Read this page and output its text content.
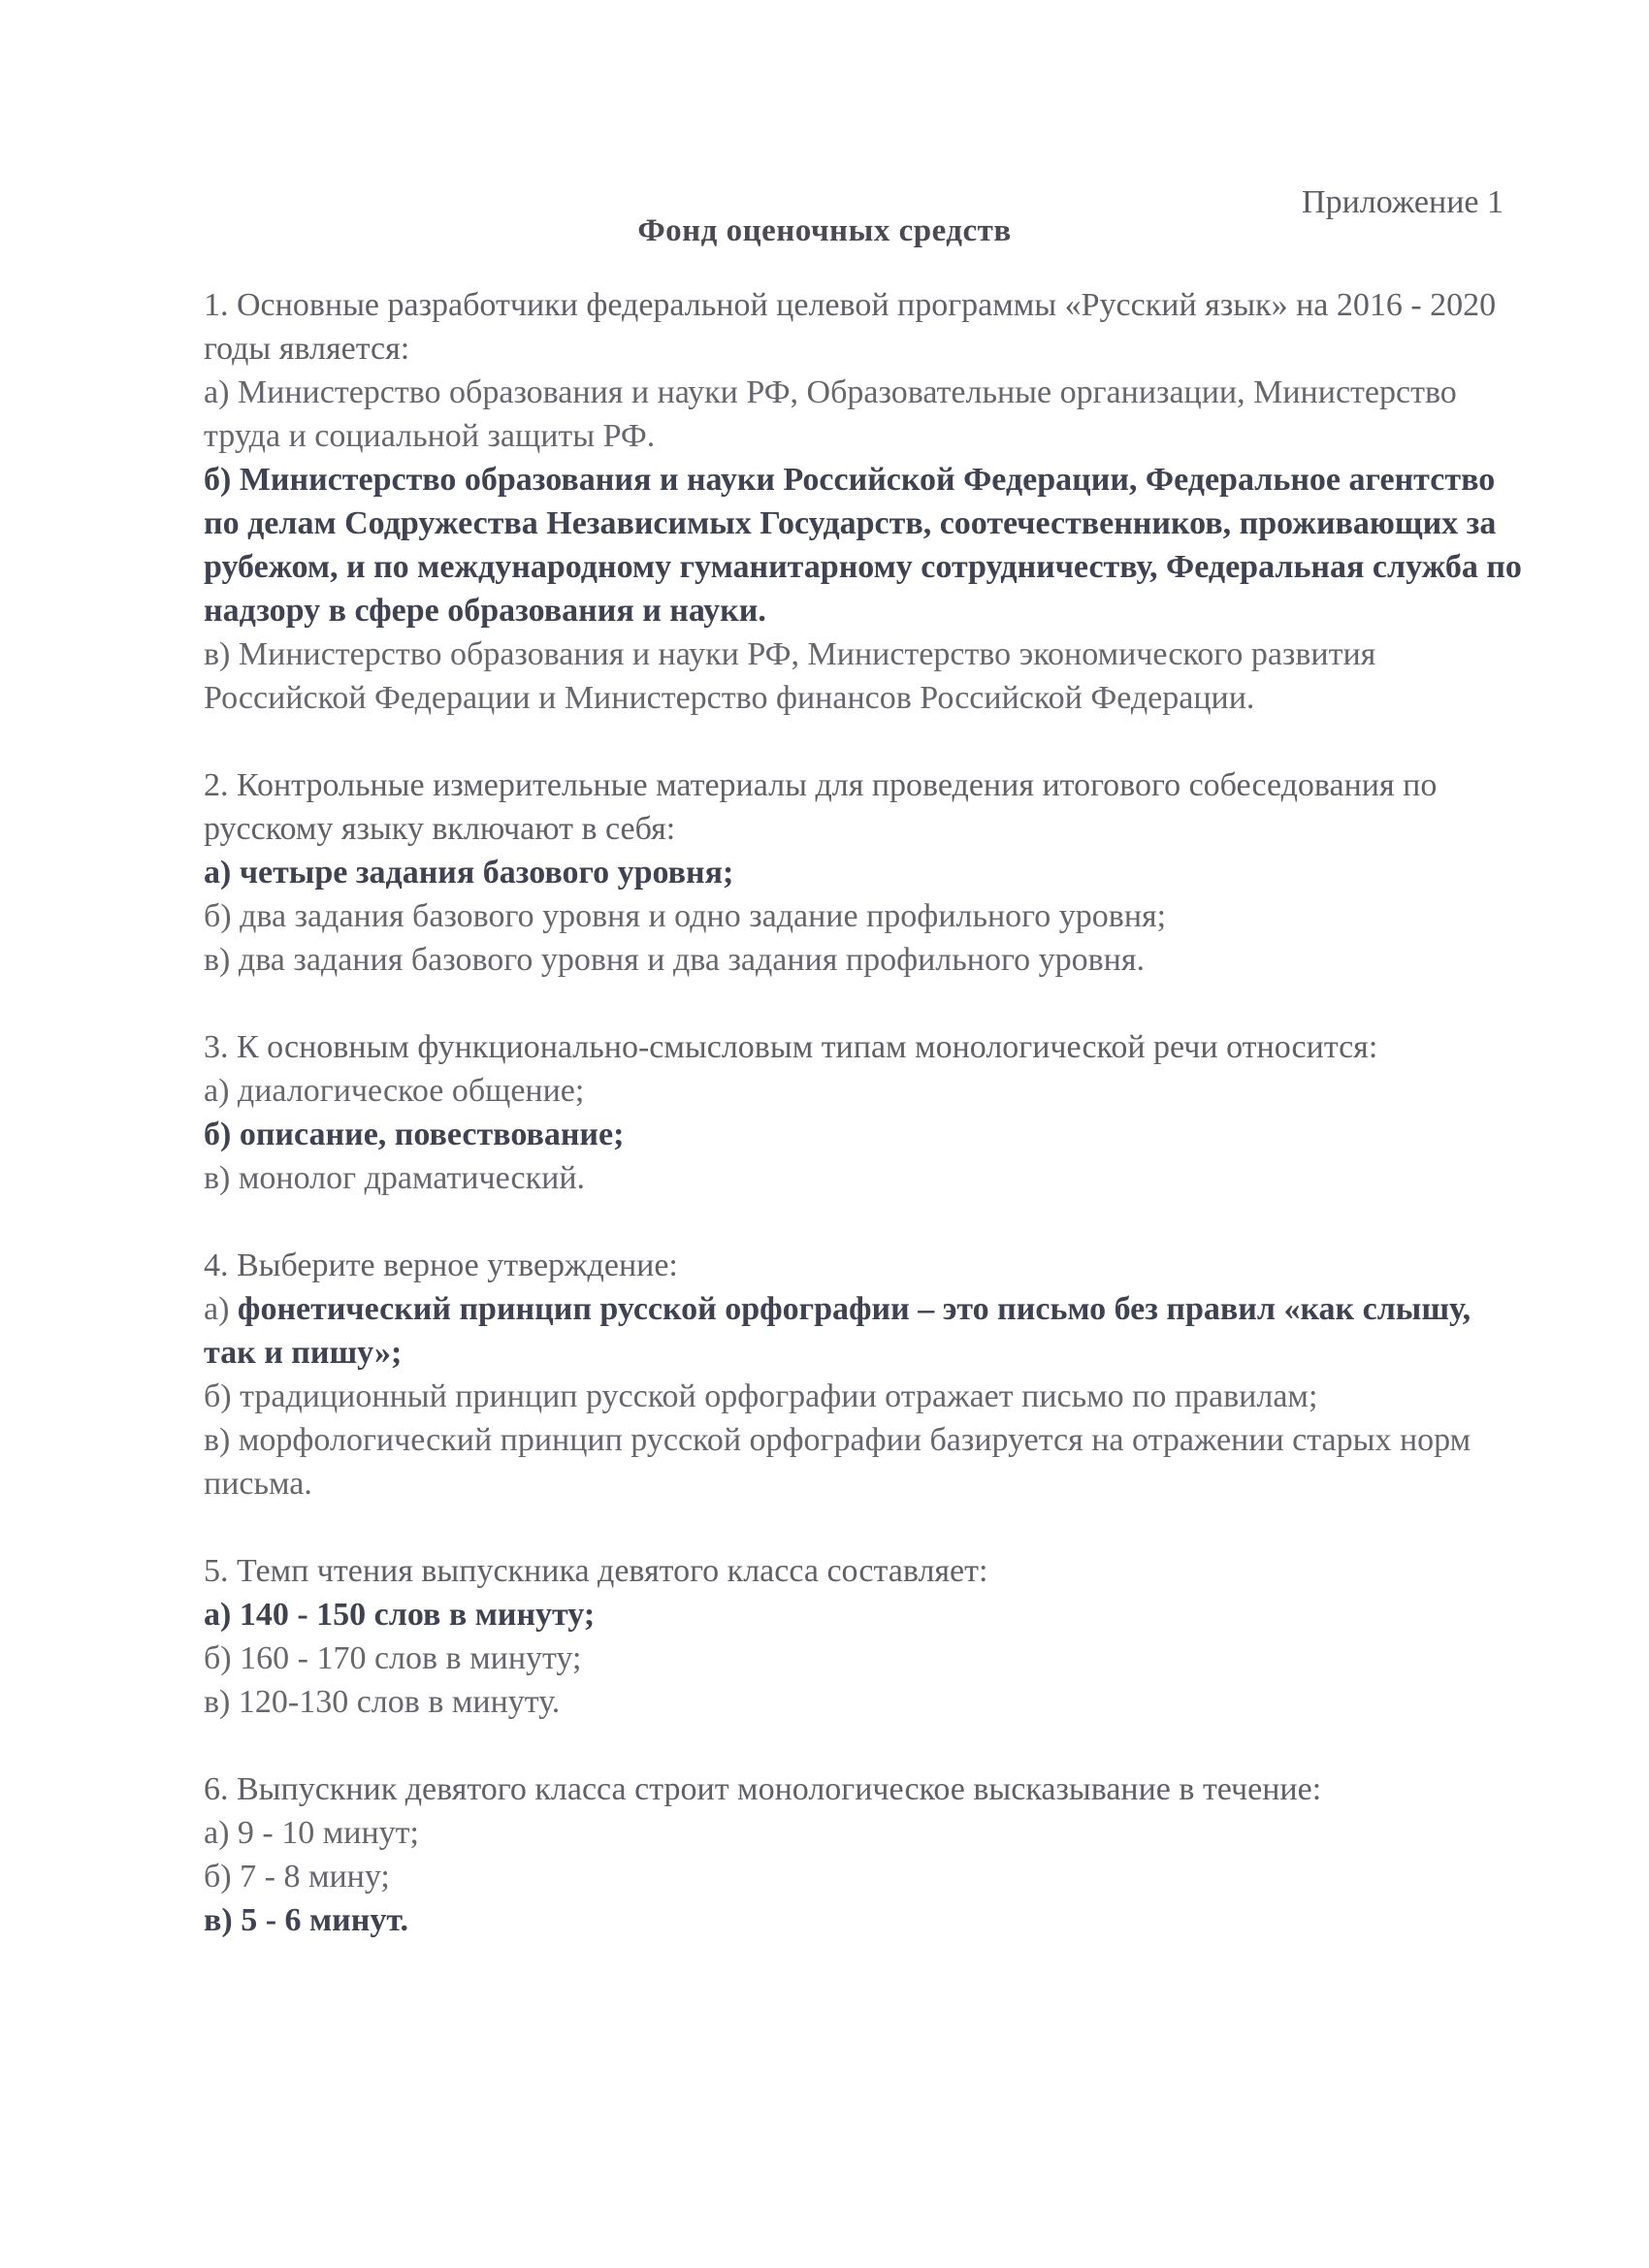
Приложение 1
Фонд оценочных средств
1. Основные разработчики федеральной целевой программы «Русский язык» на 2016 - 2020 годы является:
а) Министерство образования и науки РФ, Образовательные организации, Министерство труда и социальной защиты РФ.
б) Министерство образования и науки Российской Федерации, Федеральное агентство по делам Содружества Независимых Государств, соотечественников, проживающих за рубежом, и по международному гуманитарному сотрудничеству, Федеральная служба по надзору в сфере образования и науки.
в) Министерство образования и науки РФ, Министерство экономического развития Российской Федерации и Министерство финансов Российской Федерации.
2. Контрольные измерительные материалы для проведения итогового собеседования по русскому языку включают в себя:
а) четыре задания базового уровня;
б) два задания базового уровня и одно задание профильного уровня;
в) два задания базового уровня и два задания профильного уровня.
3. К основным функционально-смысловым типам монологической речи относится:
а) диалогическое общение;
б) описание, повествование;
в) монолог драматический.
4. Выберите верное утверждение:
а) фонетический принцип русской орфографии – это письмо без правил «как слышу, так и пишу»;
б) традиционный принцип русской орфографии отражает письмо по правилам;
в) морфологический принцип русской орфографии базируется на отражении старых норм письма.
5. Темп чтения выпускника девятого класса составляет:
а) 140 - 150 слов в минуту;
б) 160 - 170 слов в минуту;
в) 120-130 слов в минуту.
6. Выпускник девятого класса строит монологическое высказывание в течение:
а) 9 - 10 минут;
б) 7 - 8 мину;
в) 5 - 6 минут.
